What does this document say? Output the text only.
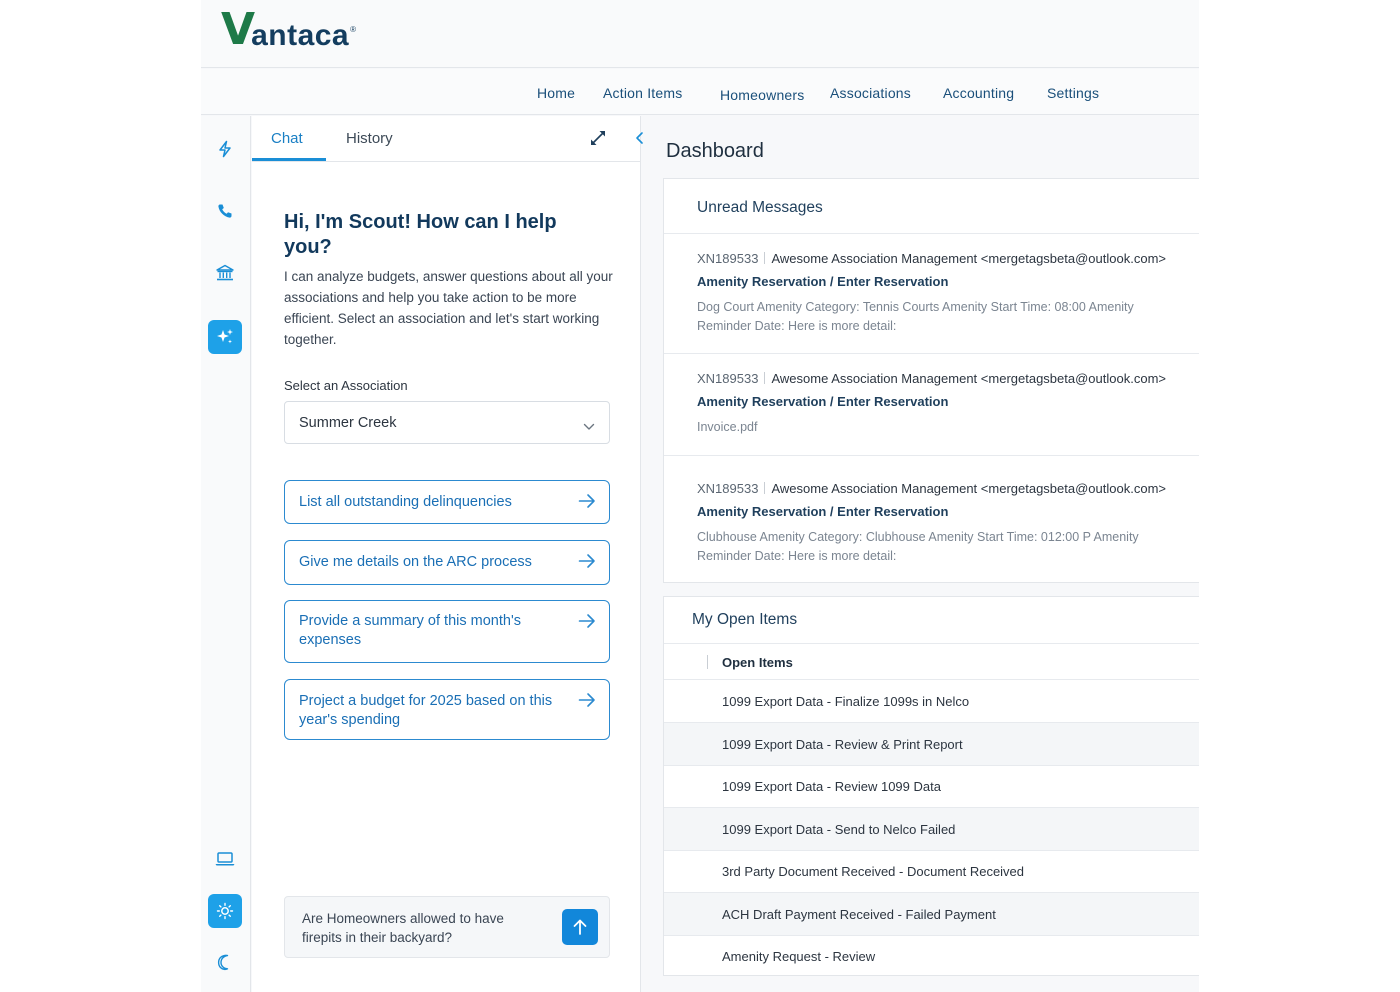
V
antaca ®
Home Action Items	Homeowners Associations Accounting Settings
Chat	History
Hi, I'm Scout! How can I help you?
I can analyze budgets, answer questions about all your associations and help you take action to be more efficient. Select an association and let's start working together.
Select an Association
Summer Creek
List all outstanding delinquencies
Give me details on the ARC process
Provide a summary of this month's expenses
Project a budget for 2025 based on this year's spending
Are Homeowners allowed to have firepits in their backyard?
Dashboard
Unread Messages
XN189533 Awesome Association Management <mergetagsbeta@outlook.com>
Amenity Reservation / Enter Reservation
Dog Court Amenity Category: Tennis Courts Amenity Start Time: 08:00 Amenity Reminder Date: Here is more detail:
XN189533 Awesome Association Management <mergetagsbeta@outlook.com>
Amenity Reservation / Enter Reservation
Invoice.pdf
XN189533 Awesome Association Management <mergetagsbeta@outlook.com>
Amenity Reservation / Enter Reservation
Clubhouse Amenity Category: Clubhouse Amenity Start Time: 012:00 P Amenity Reminder Date: Here is more detail:
My Open Items
Open Items
1099 Export Data - Finalize 1099s in Nelco
1099 Export Data - Review & Print Report
1099 Export Data - Review 1099 Data
1099 Export Data - Send to Nelco Failed
3rd Party Document Received - Document Received
ACH Draft Payment Received - Failed Payment
Amenity Request - Review
